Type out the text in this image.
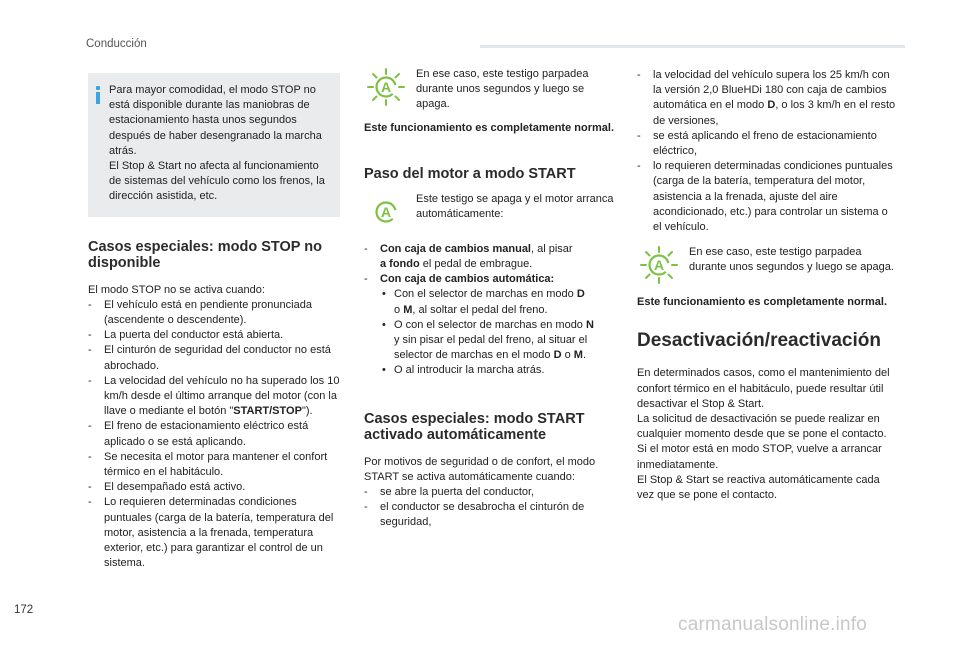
Conducción

Para mayor comodidad, el modo STOP no está disponible durante las maniobras de estacionamiento hasta unos segundos después de haber desengranado la marcha atrás.

El Stop & Start no afecta al funcionamiento de sistemas del vehículo como los frenos, la dirección asistida, etc.

Casos especiales: modo STOP no disponible

El modo STOP no se activa cuando:

- El vehículo está en pendiente pronunciada (ascendente o descendente).

- La puerta del conductor está abierta.

- El cinturón de seguridad del conductor no está abrochado.

- La velocidad del vehículo no ha superado los 10 km/h desde el último arranque del motor (con la llave o mediante el botón "START/STOP").

- El freno de estacionamiento eléctrico está aplicado o se está aplicando.

- Se necesita el motor para mantener el confort térmico en el habitáculo.

- El desempañado está activo.

- Lo requieren determinadas condiciones puntuales (carga de la batería, temperatura del motor, asistencia a la frenada, temperatura exterior, etc.) para garantizar el control de un sistema.

A

En ese caso, este testigo parpadea durante unos segundos y luego se apaga.

Este funcionamiento es completamente normal.

Paso del motor a modo START
A

Este testigo se apaga y el motor arranca automáticamente:

- Con caja de cambios manual, al pisar
a fondo el pedal de embrague.

- Con caja de cambios automática:

• Con el selector de marchas en modo D
o M, al soltar el pedal del freno.

• O con el selector de marchas en modo N
y sin pisar el pedal del freno, al situar el selector de marchas en el modo D o M.

• O al introducir la marcha atrás.

Casos especiales: modo START activado automáticamente

Por motivos de seguridad o de confort, el modo START se activa automáticamente cuando:

- se abre la puerta del conductor,

- el conductor se desabrocha el cinturón de seguridad,

- la velocidad del vehículo supera los 25 km/h con la versión 2,0 BlueHDi 180 con caja de cambios automática en el modo D, o los 3 km/h en el resto de versiones,

- se está aplicando el freno de estacionamiento eléctrico,

- lo requieren determinadas condiciones puntuales (carga de la batería, temperatura del motor, asistencia a la frenada, ajuste del aire acondicionado, etc.) para controlar un sistema o el vehículo.

A

En ese caso, este testigo parpadea durante unos segundos y luego se apaga.

Este funcionamiento es completamente normal.

Desactivación/reactivación

En determinados casos, como el mantenimiento del confort térmico en el habitáculo, puede resultar útil desactivar el Stop & Start.

La solicitud de desactivación se puede realizar en cualquier momento desde que se pone el contacto.

Si el motor está en modo STOP, vuelve a arrancar inmediatamente.

El Stop & Start se reactiva automáticamente cada vez que se pone el contacto.

172
carmanualsonline.info
